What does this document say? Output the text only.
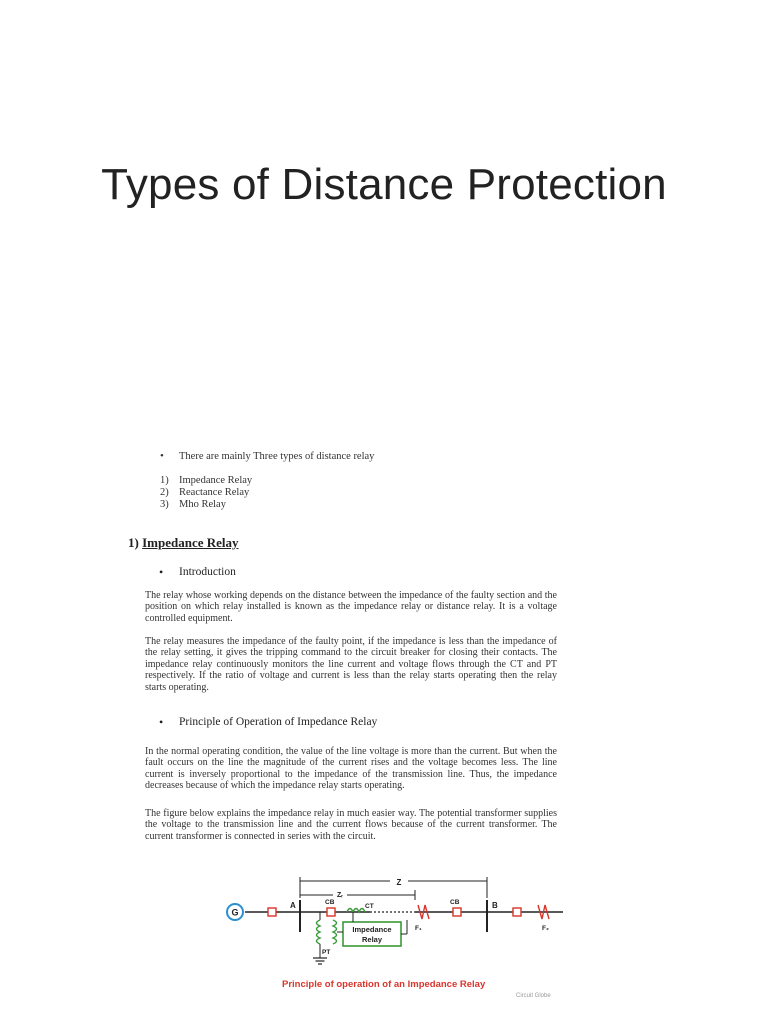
Types of Distance Protection
• There are mainly Three types of distance relay
1) Impedance Relay
2) Reactance Relay
3) Mho Relay
1) Impedance Relay
• Introduction

The relay whose working depends on the distance between the impedance of the faulty section and the position on which relay installed is known as the impedance relay or distance relay. It is a voltage controlled equipment.

The relay measures the impedance of the faulty point, if the impedance is less than the impedance of the relay setting, it gives the tripping command to the circuit breaker for closing their contacts. The impedance relay continuously monitors the line current and voltage flows through the CT and PT respectively. If the ratio of voltage and current is less than the relay starts operating then the relay starts operating.

• Principle of Operation of Impedance Relay

In the normal operating condition, the value of the line voltage is more than the current. But when the fault occurs on the line the magnitude of the current rises and the voltage becomes less. The line current is inversely proportional to the impedance of the transmission line. Thus, the impedance decreases because of which the impedance relay starts operating.

The figure below explains the impedance relay in much easier way. The potential transformer supplies the voltage to the transmission line and the current flows because of the current transformer. The current transformer is connected in series with the circuit.

G
A	CB
CT
F₁
CB	B
F₂
Z
Zᵣ
PT
Impedance
Relay
Principle of operation of an Impedance Relay
Circuit Globe
